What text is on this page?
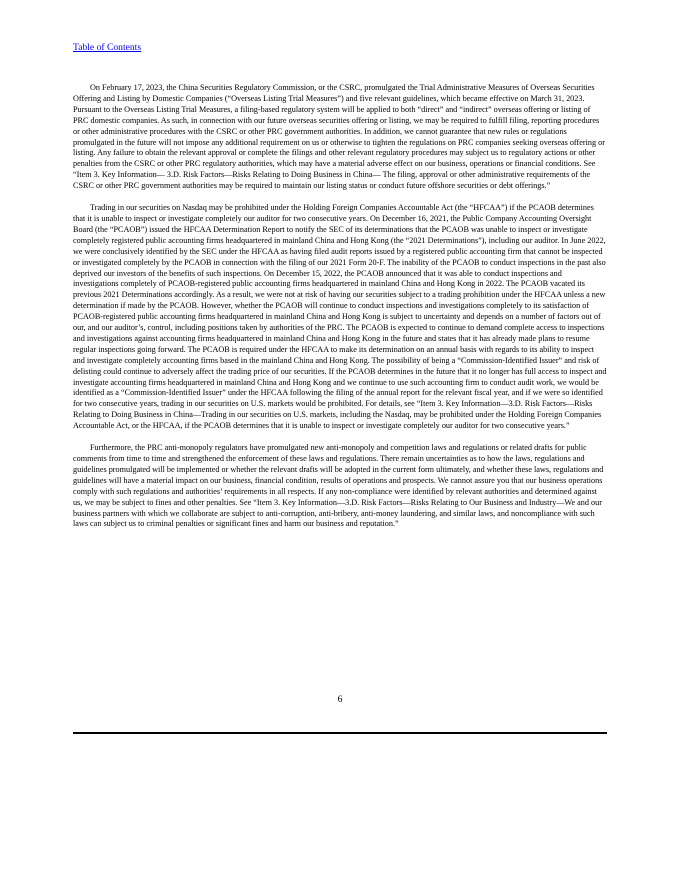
Table of Contents

On February 17, 2023, the China Securities Regulatory Commission, or the CSRC, promulgated the Trial Administrative Measures of Overseas Securities Offering and Listing by Domestic Companies (“Overseas Listing Trial Measures”) and five relevant guidelines, which became effective on March 31, 2023. Pursuant to the Overseas Listing Trial Measures, a filing-based regulatory system will be applied to both “direct” and “indirect” overseas offering or listing of PRC domestic companies. As such, in connection with our future overseas securities offering or listing, we may be required to fulfill filing, reporting procedures or other administrative procedures with the CSRC or other PRC government authorities. In addition, we cannot guarantee that new rules or regulations promulgated in the future will not impose any additional requirement on us or otherwise to tighten the regulations on PRC companies seeking overseas offering or listing. Any failure to obtain the relevant approval or complete the filings and other relevant regulatory procedures may subject us to regulatory actions or other penalties from the CSRC or other PRC regulatory authorities, which may have a material adverse effect on our business, operations or financial conditions. See “Item 3. Key Information— 3.D. Risk Factors—Risks Relating to Doing Business in China— The filing, approval or other administrative requirements of the CSRC or other PRC government authorities may be required to maintain our listing status or conduct future offshore securities or debt offerings.”

Trading in our securities on Nasdaq may be prohibited under the Holding Foreign Companies Accountable Act (the “HFCAA”) if the PCAOB determines that it is unable to inspect or investigate completely our auditor for two consecutive years. On December 16, 2021, the Public Company Accounting Oversight Board (the “PCAOB”) issued the HFCAA Determination Report to notify the SEC of its determinations that the PCAOB was unable to inspect or investigate completely registered public accounting firms headquartered in mainland China and Hong Kong (the “2021 Determinations”), including our auditor. In June 2022, we were conclusively identified by the SEC under the HFCAA as having filed audit reports issued by a registered public accounting firm that cannot be inspected or investigated completely by the PCAOB in connection with the filing of our 2021 Form 20-F. The inability of the PCAOB to conduct inspections in the past also deprived our investors of the benefits of such inspections. On December 15, 2022, the PCAOB announced that it was able to conduct inspections and investigations completely of PCAOB-registered public accounting firms headquartered in mainland China and Hong Kong in 2022. The PCAOB vacated its previous 2021 Determinations accordingly. As a result, we were not at risk of having our securities subject to a trading prohibition under the HFCAA unless a new determination if made by the PCAOB. However, whether the PCAOB will continue to conduct inspections and investigations completely to its satisfaction of PCAOB-registered public accounting firms headquartered in mainland China and Hong Kong is subject to uncertainty and depends on a number of factors out of our, and our auditor’s, control, including positions taken by authorities of the PRC. The PCAOB is expected to continue to demand complete access to inspections and investigations against accounting firms headquartered in mainland China and Hong Kong in the future and states that it has already made plans to resume regular inspections going forward. The PCAOB is required under the HFCAA to make its determination on an annual basis with regards to its ability to inspect and investigate completely accounting firms based in the mainland China and Hong Kong. The possibility of being a “Commission-Identified Issuer” and risk of delisting could continue to adversely affect the trading price of our securities. If the PCAOB determines in the future that it no longer has full access to inspect and investigate accounting firms headquartered in mainland China and Hong Kong and we continue to use such accounting firm to conduct audit work, we would be identified as a “Commission-Identified Issuer” under the HFCAA following the filing of the annual report for the relevant fiscal year, and if we were so identified for two consecutive years, trading in our securities on U.S. markets would be prohibited. For details, see “Item 3. Key Information—3.D. Risk Factors—Risks Relating to Doing Business in China—Trading in our securities on U.S. markets, including the Nasdaq, may be prohibited under the Holding Foreign Companies Accountable Act, or the HFCAA, if the PCAOB determines that it is unable to inspect or investigate completely our auditor for two consecutive years.”

Furthermore, the PRC anti-monopoly regulators have promulgated new anti-monopoly and competition laws and regulations or related drafts for public comments from time to time and strengthened the enforcement of these laws and regulations. There remain uncertainties as to how the laws, regulations and guidelines promulgated will be implemented or whether the relevant drafts will be adopted in the current form ultimately, and whether these laws, regulations and guidelines will have a material impact on our business, financial condition, results of operations and prospects. We cannot assure you that our business operations comply with such regulations and authorities’ requirements in all respects. If any non-compliance were identified by relevant authorities and determined against us, we may be subject to fines and other penalties. See “Item 3. Key Information—3.D. Risk Factors—Risks Relating to Our Business and Industry—We and our business partners with which we collaborate are subject to anti-corruption, anti-bribery, anti-money laundering, and similar laws, and noncompliance with such laws can subject us to criminal penalties or significant fines and harm our business and reputation.”

6
